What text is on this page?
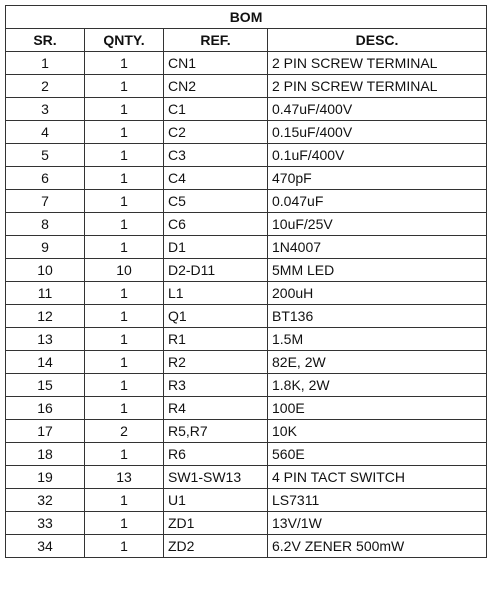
BOM			
SR.	QNTY.	REF.	DESC.
1	1	CN1	2 PIN SCREW TERMINAL
2	1	CN2	2 PIN SCREW TERMINAL
3	1	C1	0.47uF/400V
4	1	C2	0.15uF/400V
5	1	C3	0.1uF/400V
6	1	C4	470pF
7	1	C5	0.047uF
8	1	C6	10uF/25V
9	1	D1	1N4007
10	10	D2-D11	5MM LED
11	1	L1	200uH
12	1	Q1	BT136
13	1	R1	1.5M
14	1	R2	82E, 2W
15	1	R3	1.8K, 2W
16	1	R4	100E
17	2	R5,R7	10K
18	1	R6	560E
19	13	SW1-SW13	4 PIN TACT SWITCH
32	1	U1	LS7311
33	1	ZD1	13V/1W
34	1	ZD2	6.2V ZENER 500mW
